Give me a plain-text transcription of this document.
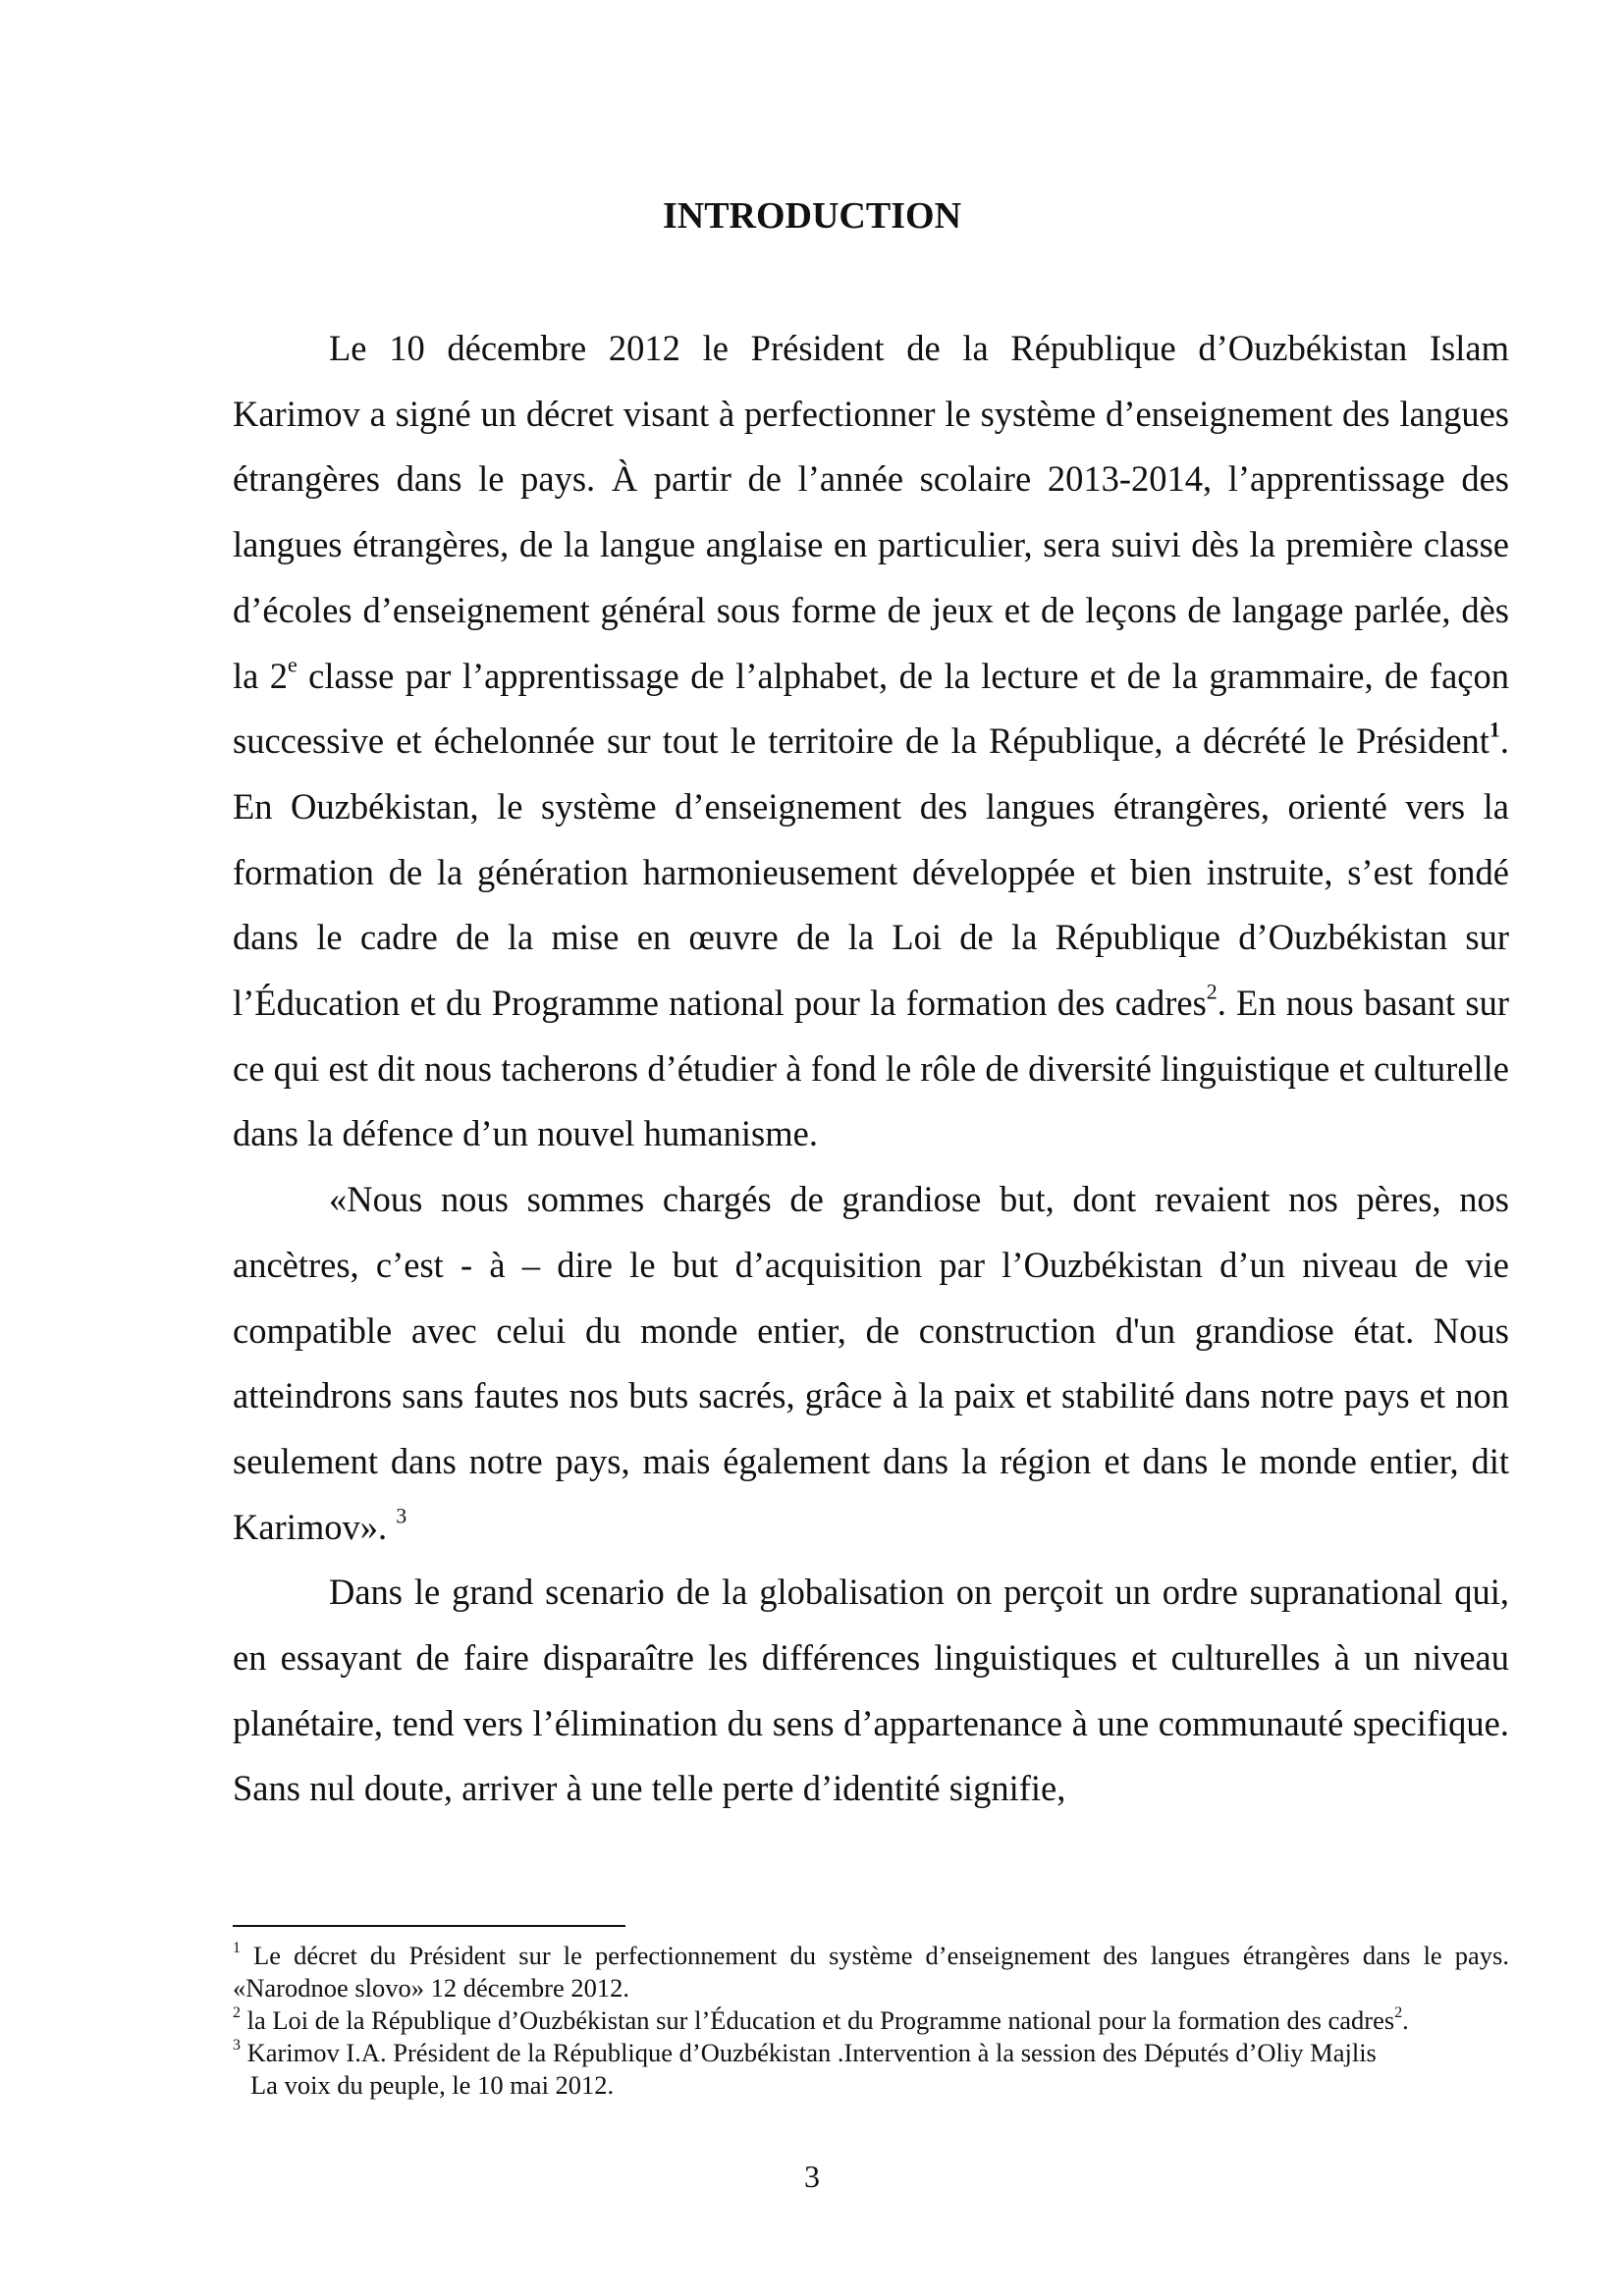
INTRODUCTION

Le 10 décembre 2012 le Président de la République d’Ouzbékistan Islam Karimov a signé un décret visant à perfectionner le système d’enseignement des langues étrangères dans le pays. À partir de l’année scolaire 2013-2014, l’apprentissage des langues étrangères, de la langue anglaise en particulier, sera suivi dès la première classe d’écoles d’enseignement général sous forme de jeux et de leçons de langage parlée, dès la 2e classe par l’apprentissage de l’alphabet, de la lecture et de la grammaire, de façon successive et échelonnée sur tout le territoire de la République, a décrété le Président$^1$. En Ouzbékistan, le système d’enseignement des langues étrangères, orienté vers la formation de la génération harmonieusement développée et bien instruite, s’est fondé dans le cadre de la mise en œuvre de la Loi de la République d’Ouzbékistan sur l’Éducation et du Programme national pour la formation des cadres$^2$. En nous basant sur ce qui est dit nous tacherons d’étudier à fond le rôle de diversité linguistique et culturelle dans la défence d’un nouvel humanisme.

«Nous nous sommes chargés de grandiose but, dont revaient nos pères, nos ancètres, c’est - à – dire le but d’acquisition par l’Ouzbékistan d’un niveau de vie compatible avec celui du monde entier, de construction d'un grandiose état. Nous atteindrons sans fautes nos buts sacrés, grâce à la paix et stabilité dans notre pays et non seulement dans notre pays, mais également dans la région et dans le monde entier, dit Karimov». $^3$

Dans le grand scenario de la globalisation on perçoit un ordre supranational qui, en essayant de faire disparaître les différences linguistiques et culturelles à un niveau planétaire, tend vers l’élimination du sens d’appartenance à une communauté specifique. Sans nul doute, arriver à une telle perte d’identité signifie,

$^1$ Le décret du Président sur le perfectionnement du système d’enseignement des langues étrangères dans le pays. «Narodnoe slovo» 12 décembre 2012.

$^2$ la Loi de la République d’Ouzbékistan sur l’Éducation et du Programme national pour la formation des cadres$^2$.

$^3$ Karimov I.A. Président de la République d’Ouzbékistan .Intervention à la session des Députés d’Oliy Majlis

La voix du peuple, le 10 mai 2012.

3
